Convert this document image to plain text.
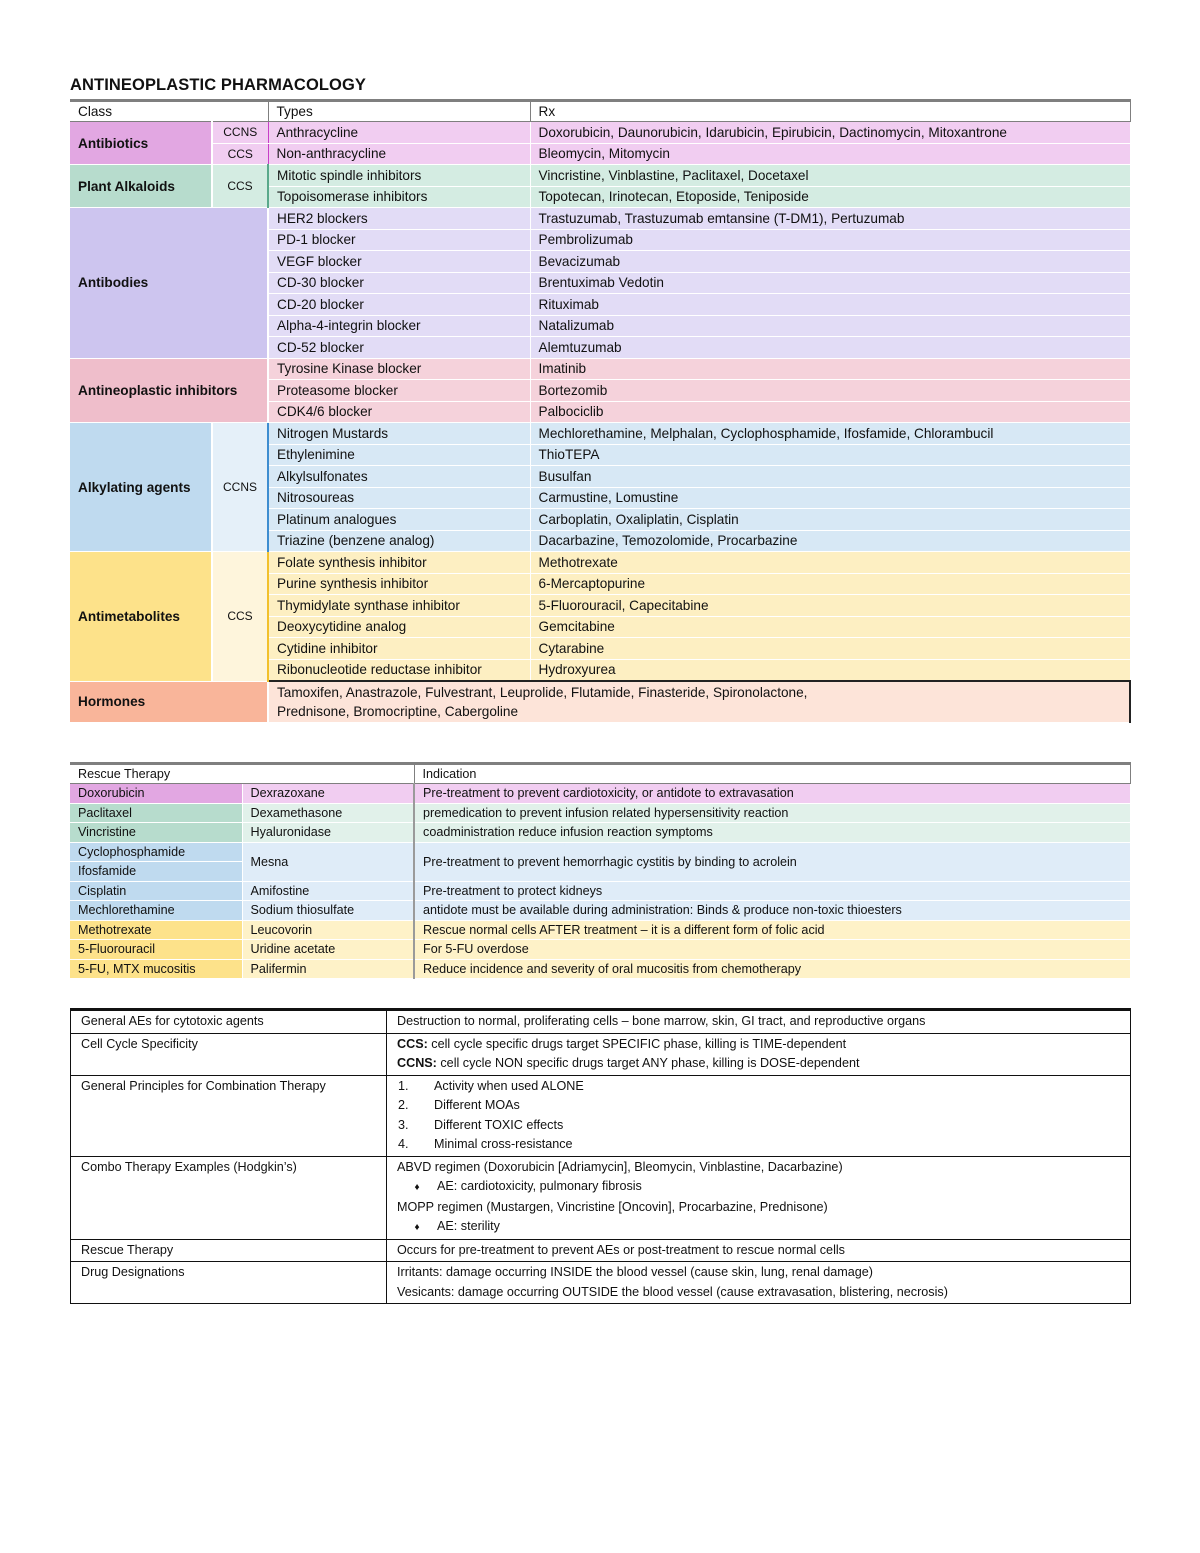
ANTINEOPLASTIC PHARMACOLOGY
Class		Types	Rx
Antibiotics	CCNS	Anthracycline	Doxorubicin, Daunorubicin, Idarubicin, Epirubicin, Dactinomycin, Mitoxantrone
	CCS	Non-anthracycline	Bleomycin, Mitomycin
Plant Alkaloids	CCS	Mitotic spindle inhibitors	Vincristine, Vinblastine, Paclitaxel, Docetaxel
		Topoisomerase inhibitors	Topotecan, Irinotecan, Etoposide, Teniposide
Antibodies		HER2 blockers	Trastuzumab, Trastuzumab emtansine (T-DM1), Pertuzumab
		PD-1 blocker	Pembrolizumab
		VEGF blocker	Bevacizumab
		CD-30 blocker	Brentuximab Vedotin
		CD-20 blocker	Rituximab
		Alpha-4-integrin blocker	Natalizumab
		CD-52 blocker	Alemtuzumab
Antineoplastic inhibitors		Tyrosine Kinase blocker	Imatinib
		Proteasome blocker	Bortezomib
		CDK4/6 blocker	Palbociclib
Alkylating agents	CCNS	Nitrogen Mustards	Mechlorethamine, Melphalan, Cyclophosphamide, Ifosfamide, Chlorambucil
		Ethylenimine	ThioTEPA
		Alkylsulfonates	Busulfan
		Nitrosoureas	Carmustine, Lomustine
		Platinum analogues	Carboplatin, Oxaliplatin, Cisplatin
		Triazine (benzene analog)	Dacarbazine, Temozolomide, Procarbazine
Antimetabolites	CCS	Folate synthesis inhibitor	Methotrexate
		Purine synthesis inhibitor	6-Mercaptopurine
		Thymidylate synthase inhibitor	5-Fluorouracil, Capecitabine
		Deoxycytidine analog	Gemcitabine
		Cytidine inhibitor	Cytarabine
		Ribonucleotide reductase inhibitor	Hydroxyurea
Hormones		Tamoxifen, Anastrazole, Fulvestrant, Leuprolide, Flutamide, Finasteride, Spironolactone,
Prednisone, Bromocriptine, Cabergoline	
Rescue Therapy		Indication
Doxorubicin	Dexrazoxane	Pre-treatment to prevent cardiotoxicity, or antidote to extravasation
Paclitaxel	Dexamethasone	premedication to prevent infusion related hypersensitivity reaction
Vincristine	Hyaluronidase	coadministration reduce infusion reaction symptoms
Cyclophosphamide	Mesna	Pre-treatment to prevent hemorrhagic cystitis by binding to acrolein
Ifosfamide		
Cisplatin	Amifostine	Pre-treatment to protect kidneys
Mechlorethamine	Sodium thiosulfate	antidote must be available during administration: Binds & produce non-toxic thioesters
Methotrexate	Leucovorin	Rescue normal cells AFTER treatment – it is a different form of folic acid
5-Fluorouracil	Uridine acetate	For 5-FU overdose
5-FU, MTX mucositis	Palifermin	Reduce incidence and severity of oral mucositis from chemotherapy
General AEs for cytotoxic agents	Destruction to normal, proliferating cells – bone marrow, skin, GI tract, and reproductive organs
Cell Cycle Specificity	CCS: cell cycle specific drugs target SPECIFIC phase, killing is TIME-dependent
CCNS: cell cycle NON specific drugs target ANY phase, killing is DOSE-dependent

General Principles for Combination Therapy	1. Activity when used ALONE
2. Different MOAs
3. Different TOXIC effects
4. Minimal cross-resistance

Combo Therapy Examples (Hodgkin’s)	ABVD regimen (Doxorubicin [Adriamycin], Bleomycin, Vinblastine, Dacarbazine)
♦ AE: cardiotoxicity, pulmonary fibrosis
MOPP regimen (Mustargen, Vincristine [Oncovin], Procarbazine, Prednisone)
♦ AE: sterility

Rescue Therapy	Occurs for pre-treatment to prevent AEs or post-treatment to rescue normal cells
Drug Designations	Irritants: damage occurring INSIDE the blood vessel (cause skin, lung, renal damage)
Vesicants: damage occurring OUTSIDE the blood vessel (cause extravasation, blistering, necrosis)
